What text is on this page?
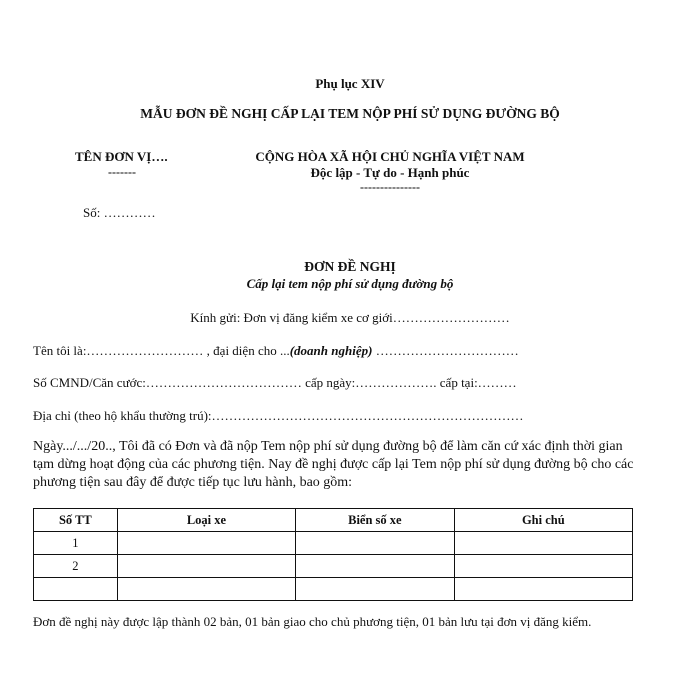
Phụ lục XIV
MẪU ĐƠN ĐỀ NGHỊ CẤP LẠI TEM NỘP PHÍ SỬ DỤNG ĐƯỜNG BỘ
TÊN ĐƠN VỊ….
-------
CỘNG HÒA XÃ HỘI CHỦ NGHĨA VIỆT NAM
Độc lập - Tự do - Hạnh phúc
---------------
Số: …………
ĐƠN ĐỀ NGHỊ
Cấp lại tem nộp phí sử dụng đường bộ
Kính gửi: Đơn vị đăng kiểm xe cơ giới………………………
Tên tôi là:……………………… , đại diện cho ...(doanh nghiệp) ……………………………
Số CMND/Căn cước:……………………………… cấp ngày:………………. cấp tại:………
Địa chỉ (theo hộ khẩu thường trú):………………………………………………………………
Ngày.../.../20.., Tôi đã có Đơn và đã nộp Tem nộp phí sử dụng đường bộ để làm căn cứ xác định thời gian tạm dừng hoạt động của các phương tiện. Nay đề nghị được cấp lại Tem nộp phí sử dụng đường bộ cho các phương tiện sau đây để được tiếp tục lưu hành, bao gồm:
Số TT	Loại xe	Biển số xe	Ghi chú
1			
2			

Đơn đề nghị này được lập thành 02 bản, 01 bản giao cho chủ phương tiện, 01 bản lưu tại đơn vị đăng kiểm.
